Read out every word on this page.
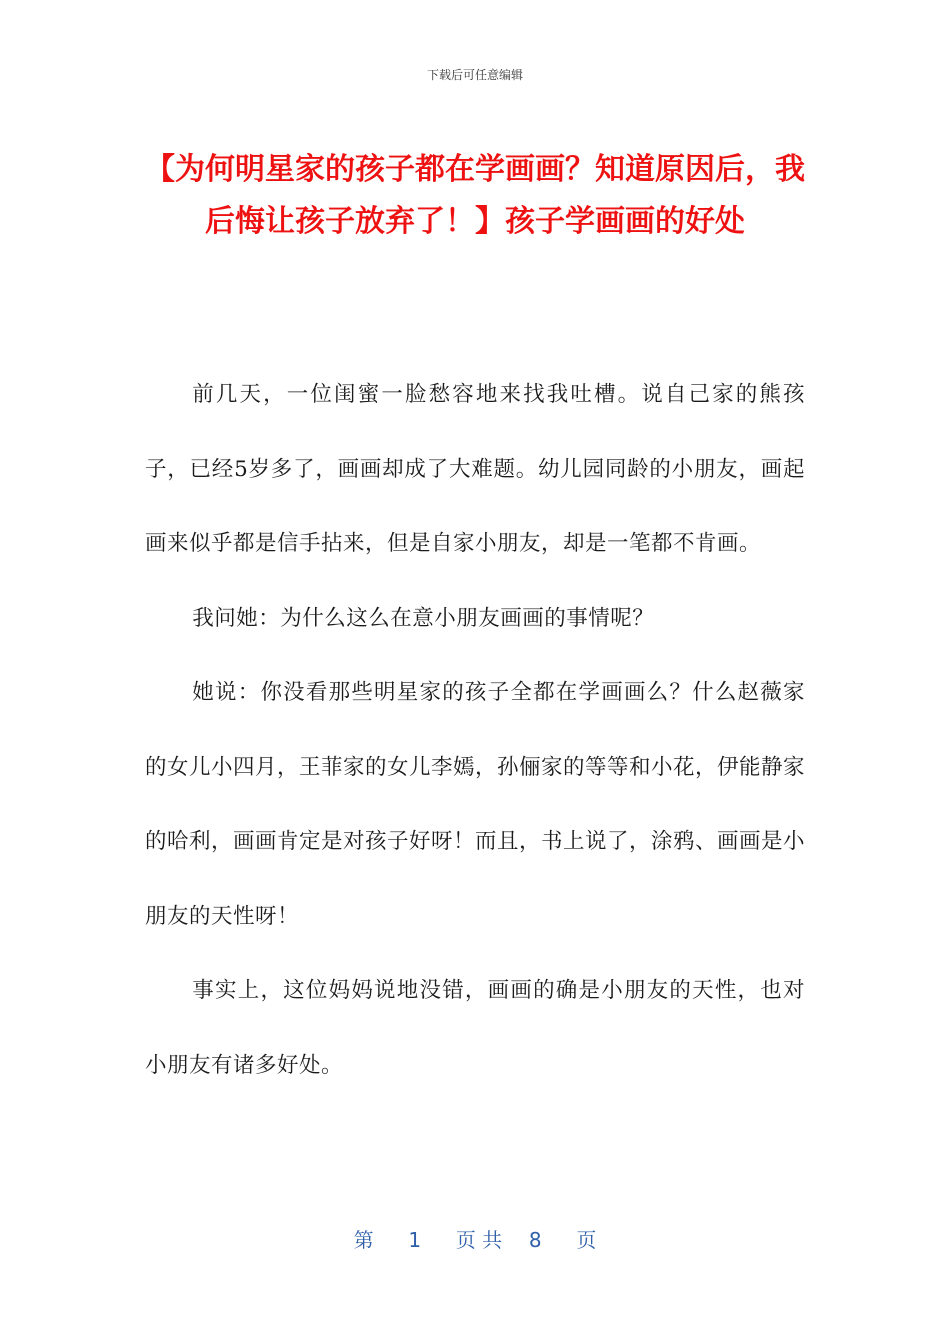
下载后可任意编辑
【为何明星家的孩子都在学画画？知道原因后，我后悔让孩子放弃了！】孩子学画画的好处

前几天，一位闺蜜一脸愁容地来找我吐槽。说自己家的熊孩子，已经5岁多了，画画却成了大难题。幼儿园同龄的小朋友，画起画来似乎都是信手拈来，但是自家小朋友，却是一笔都不肯画。

我问她：为什么这么在意小朋友画画的事情呢？

她说：你没看那些明星家的孩子全都在学画画么？什么赵薇家的女儿小四月，王菲家的女儿李嫣，孙俪家的等等和小花，伊能静家的哈利，画画肯定是对孩子好呀！而且，书上说了，涂鸦、画画是小朋友的天性呀！

事实上，这位妈妈说地没错，画画的确是小朋友的天性，也对小朋友有诸多好处。

第 1 页 共 8 页
